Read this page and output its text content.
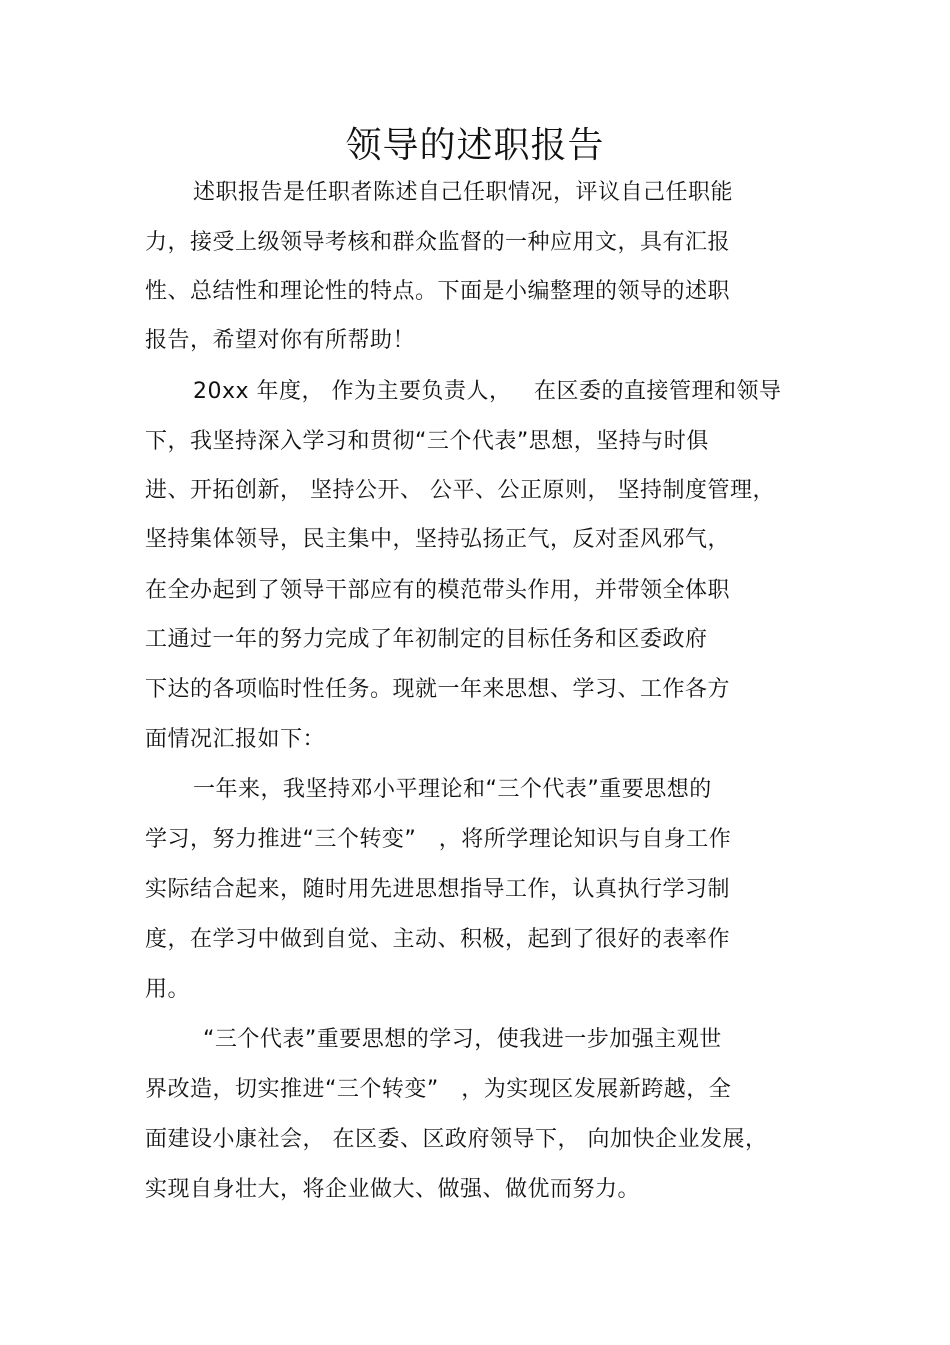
领导的述职报告

述职报告是任职者陈述自己任职情况，评议自己任职能

力，接受上级领导考核和群众监督的一种应用文，具有汇报

性、总结性和理论性的特点。下面是小编整理的领导的述职

报告，希望对你有所帮助！

20xx 年度， 作为主要负责人，   在区委的直接管理和领导

下，我坚持深入学习和贯彻“三个代表”思想，坚持与时俱

进、开拓创新， 坚持公开、 公平、公正原则， 坚持制度管理，

坚持集体领导，民主集中，坚持弘扬正气，反对歪风邪气，

在全办起到了领导干部应有的模范带头作用，并带领全体职

工通过一年的努力完成了年初制定的目标任务和区委政府

下达的各项临时性任务。现就一年来思想、学习、工作各方

面情况汇报如下：

一年来，我坚持邓小平理论和“三个代表”重要思想的

学习，努力推进“三个转变”   ，将所学理论知识与自身工作

实际结合起来，随时用先进思想指导工作，认真执行学习制

度，在学习中做到自觉、主动、积极，起到了很好的表率作

用。

“三个代表”重要思想的学习，使我进一步加强主观世

界改造，切实推进“三个转变”   ，为实现区发展新跨越，全

面建设小康社会， 在区委、区政府领导下， 向加快企业发展，

实现自身壮大，将企业做大、做强、做优而努力。
